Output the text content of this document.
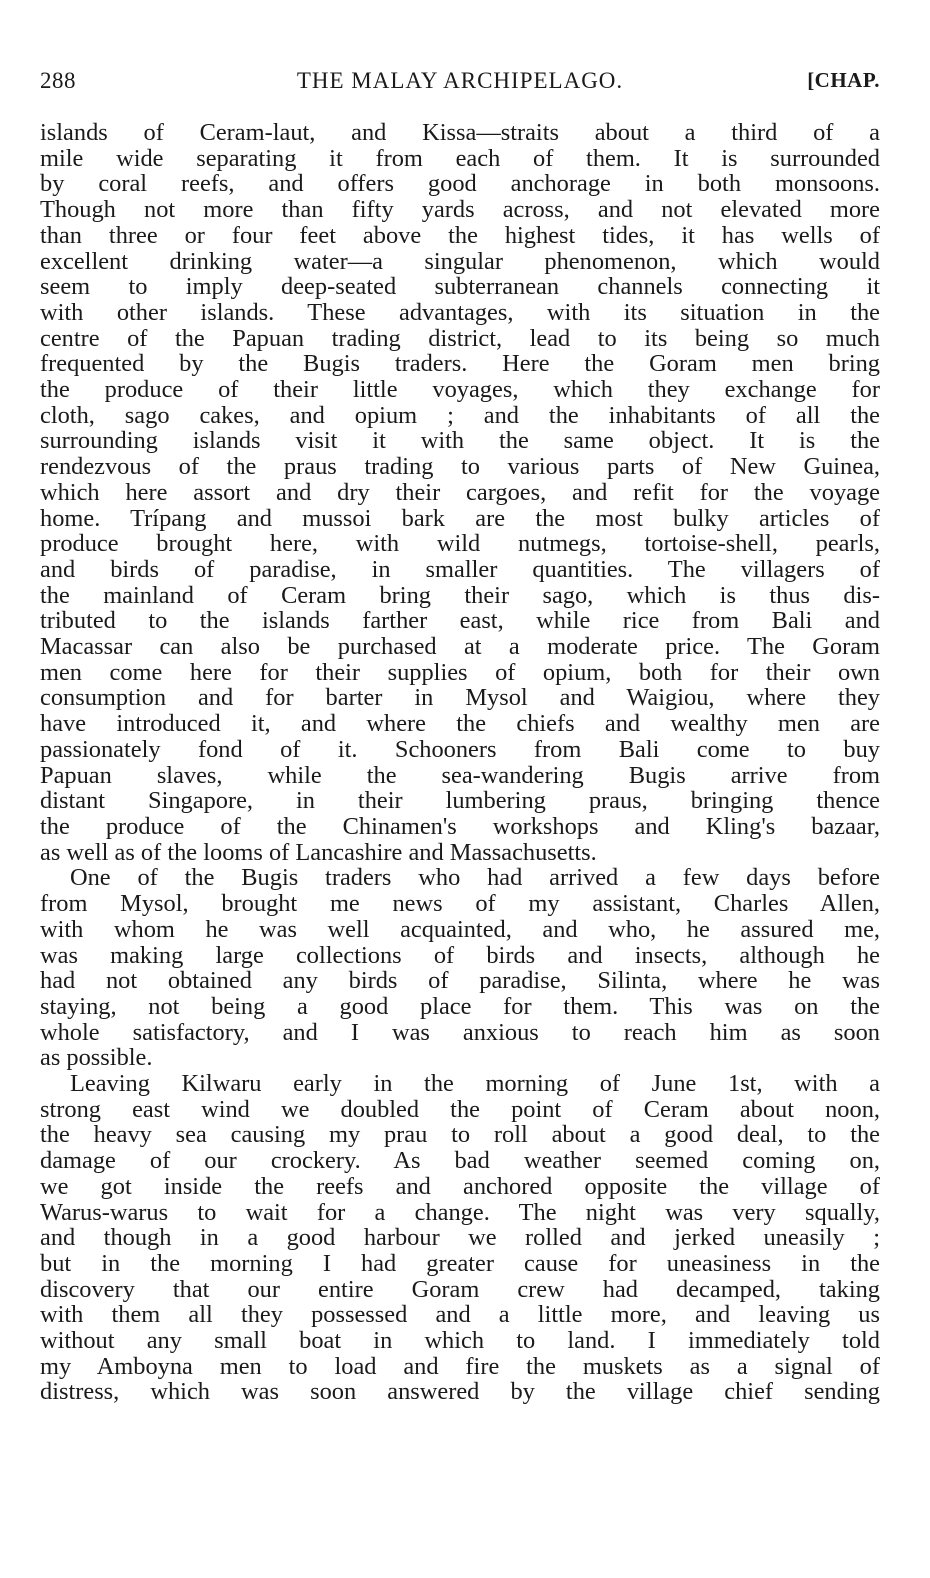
288	THE MALAY ARCHIPELAGO.	[CHAP.
islands of Ceram-laut, and Kissa—straits about a third of a
mile wide separating it from each of them. It is surrounded
by coral reefs, and offers good anchorage in both monsoons.
Though not more than fifty yards across, and not elevated more
than three or four feet above the highest tides, it has wells of
excellent drinking water—a singular phenomenon, which would
seem to imply deep-seated subterranean channels connecting it
with other islands. These advantages, with its situation in the
centre of the Papuan trading district, lead to its being so much
frequented by the Bugis traders. Here the Goram men bring
the produce of their little voyages, which they exchange for
cloth, sago cakes, and opium ; and the inhabitants of all the
surrounding islands visit it with the same object. It is the
rendezvous of the praus trading to various parts of New Guinea,
which here assort and dry their cargoes, and refit for the voyage
home. Trípang and mussoi bark are the most bulky articles of
produce brought here, with wild nutmegs, tortoise-shell, pearls,
and birds of paradise, in smaller quantities. The villagers of
the mainland of Ceram bring their sago, which is thus dis-
tributed to the islands farther east, while rice from Bali and
Macassar can also be purchased at a moderate price. The Goram
men come here for their supplies of opium, both for their own
consumption and for barter in Mysol and Waigiou, where they
have introduced it, and where the chiefs and wealthy men are
passionately fond of it. Schooners from Bali come to buy
Papuan slaves, while the sea-wandering Bugis arrive from
distant Singapore, in their lumbering praus, bringing thence
the produce of the Chinamen's workshops and Kling's bazaar,
as well as of the looms of Lancashire and Massachusetts.
One of the Bugis traders who had arrived a few days before
from Mysol, brought me news of my assistant, Charles Allen,
with whom he was well acquainted, and who, he assured me,
was making large collections of birds and insects, although he
had not obtained any birds of paradise, Silinta, where he was
staying, not being a good place for them. This was on the
whole satisfactory, and I was anxious to reach him as soon
as possible.
Leaving Kilwaru early in the morning of June 1st, with a
strong east wind we doubled the point of Ceram about noon,
the heavy sea causing my prau to roll about a good deal, to the
damage of our crockery. As bad weather seemed coming on,
we got inside the reefs and anchored opposite the village of
Warus-warus to wait for a change. The night was very squally,
and though in a good harbour we rolled and jerked uneasily ;
but in the morning I had greater cause for uneasiness in the
discovery that our entire Goram crew had decamped, taking
with them all they possessed and a little more, and leaving us
without any small boat in which to land. I immediately told
my Amboyna men to load and fire the muskets as a signal of
distress, which was soon answered by the village chief sending
